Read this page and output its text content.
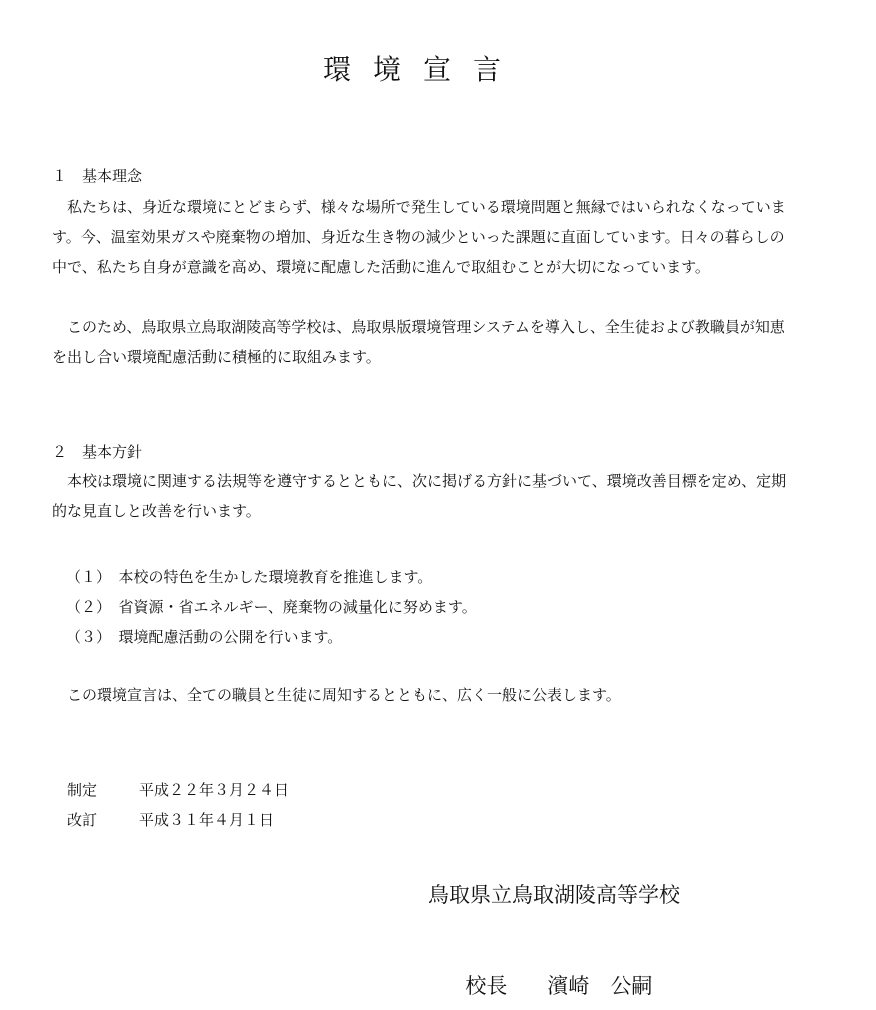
環境宣言
１　基本理念

私たちは、身近な環境にとどまらず、様々な場所で発生している環境問題と無縁ではいられなくなっています。今、温室効果ガスや廃棄物の増加、身近な生き物の減少といった課題に直面しています。日々の暮らしの中で、私たち自身が意識を高め、環境に配慮した活動に進んで取組むことが大切になっています。

このため、鳥取県立鳥取湖陵高等学校は、鳥取県版環境管理システムを導入し、全生徒および教職員が知恵を出し合い環境配慮活動に積極的に取組みます。

２　基本方針

本校は環境に関連する法規等を遵守するとともに、次に掲げる方針に基づいて、環境改善目標を定め、定期的な見直しと改善を行います。

（１）　本校の特色を生かした環境教育を推進します。
（２）　省資源・省エネルギー、廃棄物の減量化に努めます。
（３）　環境配慮活動の公開を行います。
この環境宣言は、全ての職員と生徒に周知するとともに、広く一般に公表します。
制定	平成２２年３月２４日
改訂	平成３１年４月１日
鳥取県立鳥取湖陵高等学校

校長 濱崎　公嗣
